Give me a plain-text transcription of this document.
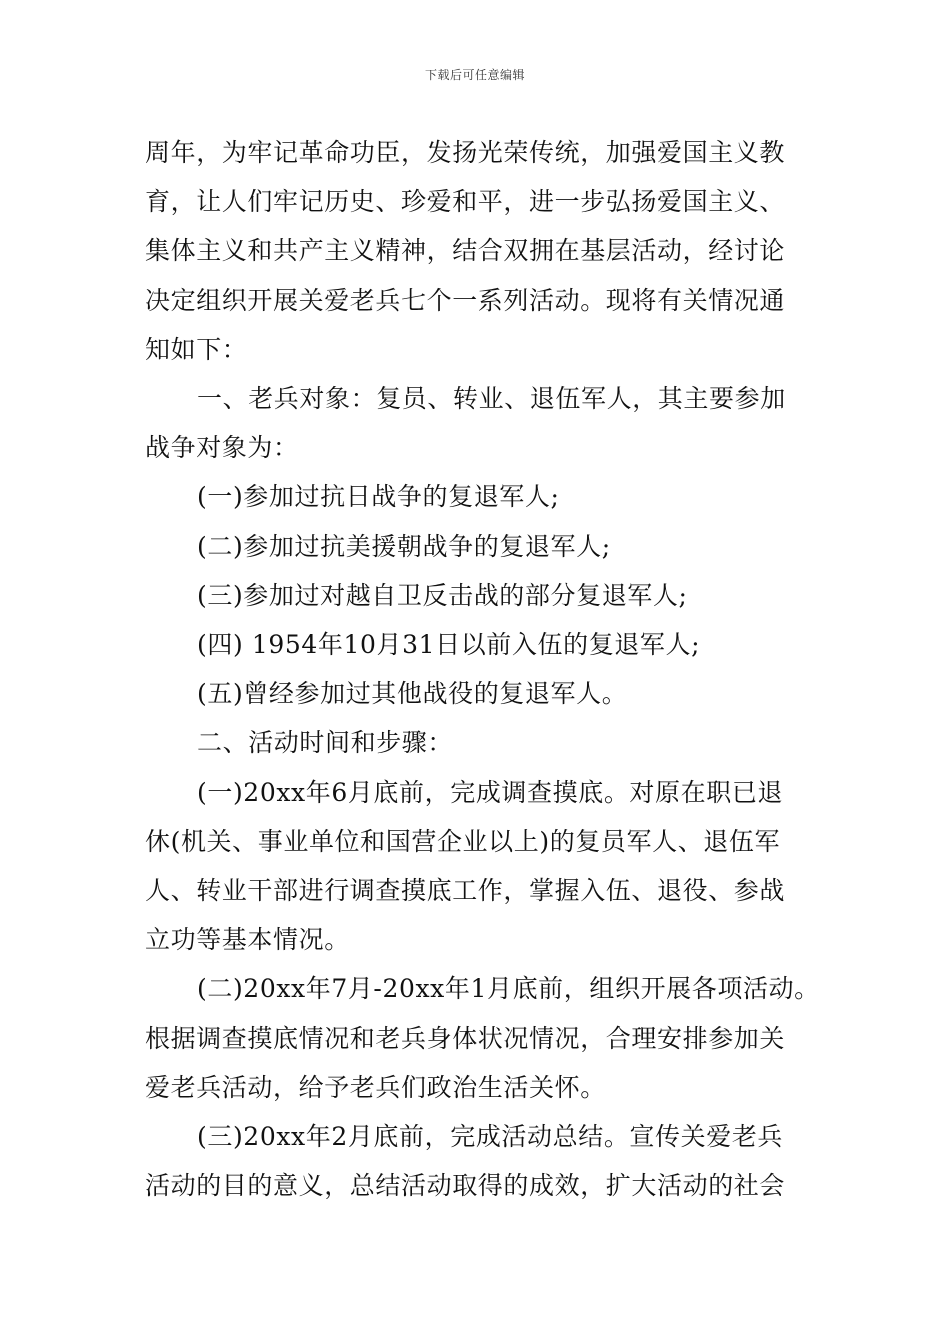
下载后可任意编辑

周年，为牢记革命功臣，发扬光荣传统，加强爱国主义教

育，让人们牢记历史、珍爱和平，进一步弘扬爱国主义、

集体主义和共产主义精神，结合双拥在基层活动，经讨论

决定组织开展关爱老兵七个一系列活动。现将有关情况通

知如下：

一、老兵对象：复员、转业、退伍军人，其主要参加

战争对象为：

(一)参加过抗日战争的复退军人;

(二)参加过抗美援朝战争的复退军人;

(三)参加过对越自卫反击战的部分复退军人;

(四) 1954年10月31日以前入伍的复退军人;

(五)曾经参加过其他战役的复退军人。

二、活动时间和步骤：

(一)20xx年6月底前，完成调查摸底。对原在职已退

休(机关、事业单位和国营企业以上)的复员军人、退伍军

人、转业干部进行调查摸底工作，掌握入伍、退役、参战

立功等基本情况。

(二)20xx年7月-20xx年1月底前，组织开展各项活动。

根据调查摸底情况和老兵身体状况情况，合理安排参加关

爱老兵活动，给予老兵们政治生活关怀。

(三)20xx年2月底前，完成活动总结。宣传关爱老兵

活动的目的意义，总结活动取得的成效，扩大活动的社会
